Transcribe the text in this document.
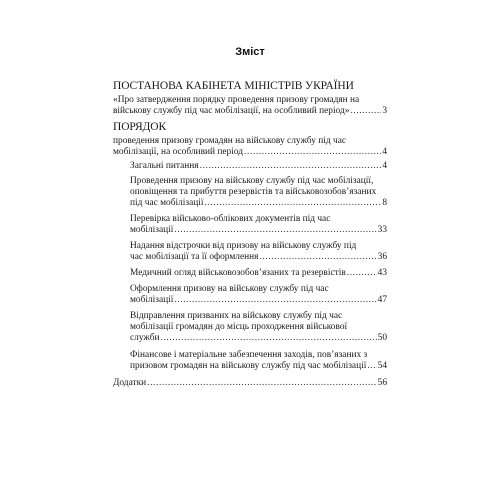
Зміст
ПОСТАНОВА КАБІНЕТА МІНІСТРІВ УКРАЇНИ
«Про затвердження порядку проведення призову громадян на
військову службу під час мобілізації, на особливий період» .....	3
ПОРЯДОК
проведення призову громадян на військову службу під час
мобілізації, на особливий період .....	4
Загальні питання .....	4
Проведення призову на військову службу під час мобілізації,
оповіщення та прибуття резервістів та військовозобов’язаних
під час мобілізації .....	8
Перевірка військово-облікових документів під час
мобілізації .....	33
Надання відстрочки від призову на військову службу під
час мобілізації та її оформлення .....	36
Медичний огляд військовозобов’язаних та резервістів .....	43
Оформлення призову на військову службу під час
мобілізації .....	47
Відправлення призваних на військову службу під час
мобілізації громадян до місць проходження військової
служби .....	50
Фінансове і матеріальне забезпечення заходів, пов’язаних з
призовом громадян на військову службу під час мобілізації ..... 54
Додатки .....	56
